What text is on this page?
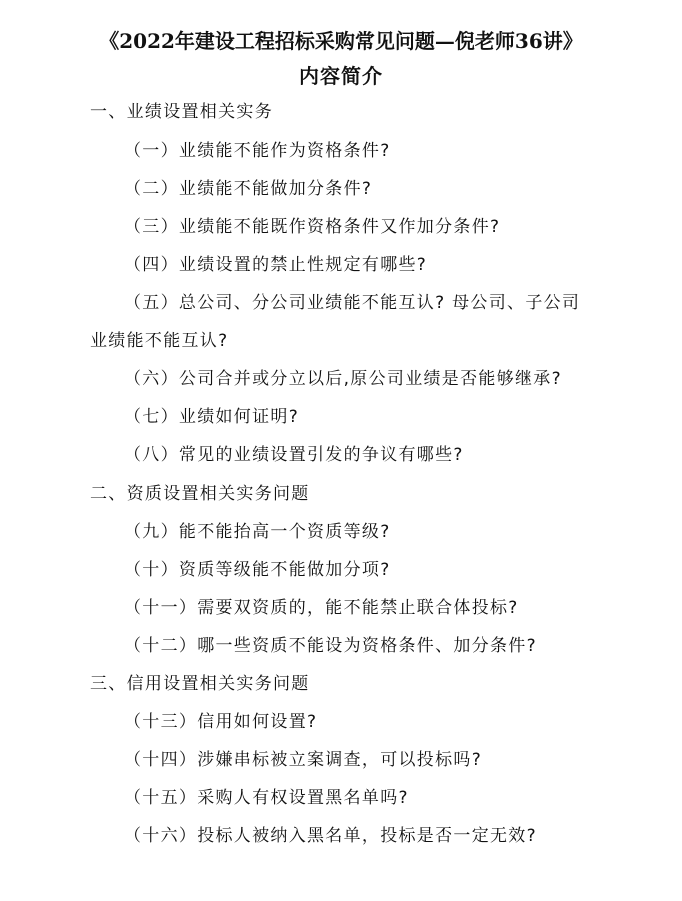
《2022年建设工程招标采购常见问题—倪老师36讲》
内容简介
一、业绩设置相关实务
（一）业绩能不能作为资格条件?
（二）业绩能不能做加分条件?
（三）业绩能不能既作资格条件又作加分条件?
（四）业绩设置的禁止性规定有哪些?
（五）总公司、分公司业绩能不能互认? 母公司、子公司
业绩能不能互认?
（六）公司合并或分立以后,原公司业绩是否能够继承?
（七）业绩如何证明?
（八）常见的业绩设置引发的争议有哪些?
二、资质设置相关实务问题
（九）能不能抬高一个资质等级?
（十）资质等级能不能做加分项?
（十一）需要双资质的，能不能禁止联合体投标?
（十二）哪一些资质不能设为资格条件、加分条件?
三、信用设置相关实务问题
（十三）信用如何设置?
（十四）涉嫌串标被立案调查，可以投标吗?
（十五）采购人有权设置黑名单吗?
（十六）投标人被纳入黑名单，投标是否一定无效?
